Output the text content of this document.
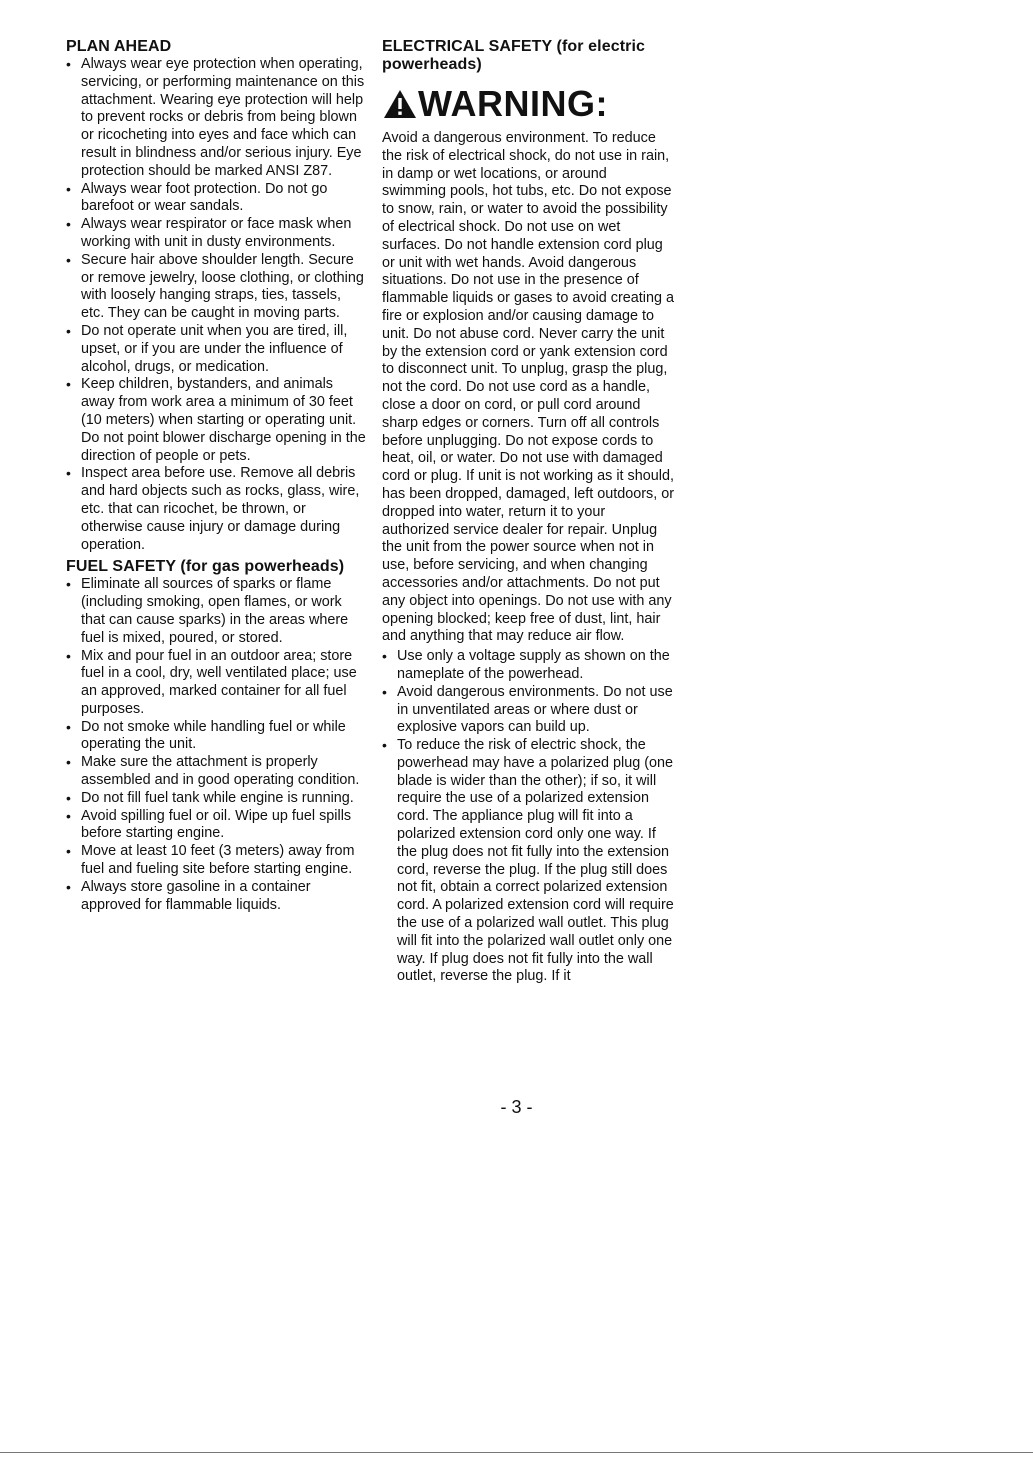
PLAN AHEAD
• Always wear eye protection when operating, servicing, or performing maintenance on this attachment. Wearing eye protection will help to prevent rocks or debris from being blown or ricocheting into eyes and face which can result in blindness and/or serious injury. Eye protection should be marked ANSI Z87.
• Always wear foot protection. Do not go barefoot or wear sandals.
• Always wear respirator or face mask when working with unit in dusty environments.
• Secure hair above shoulder length. Secure or remove jewelry, loose clothing, or clothing with loosely hanging straps, ties, tassels, etc. They can be caught in moving parts.
• Do not operate unit when you are tired, ill, upset, or if you are under the influence of alcohol, drugs, or medication.
• Keep children, bystanders, and animals away from work area a minimum of 30 feet (10 meters) when starting or operating unit. Do not point blower discharge opening in the direction of people or pets.
• Inspect area before use. Remove all debris and hard objects such as rocks, glass, wire, etc. that can ricochet, be thrown, or otherwise cause injury or damage during operation.
FUEL SAFETY (for gas powerheads)
• Eliminate all sources of sparks or flame (including smoking, open flames, or work that can cause sparks) in the areas where fuel is mixed, poured, or stored.
• Mix and pour fuel in an outdoor area; store fuel in a cool, dry, well ventilated place; use an approved, marked container for all fuel purposes.
• Do not smoke while handling fuel or while operating the unit.
• Make sure the attachment is properly assembled and in good operating condition.
• Do not fill fuel tank while engine is running.
• Avoid spilling fuel or oil. Wipe up fuel spills before starting engine.
• Move at least 10 feet (3 meters) away from fuel and fueling site before starting engine.
• Always store gasoline in a container approved for flammable liquids.
ELECTRICAL SAFETY (for electric
powerheads)
WARNING:

Avoid a dangerous environment. To reduce the risk of electrical shock, do not use in rain, in damp or wet locations, or around swimming pools, hot tubs, etc. Do not expose to snow, rain, or water to avoid the possibility of electrical shock. Do not use on wet surfaces. Do not handle extension cord plug or unit with wet hands. Avoid dangerous situations. Do not use in the presence of flammable liquids or gases to avoid creating a fire or explosion and/or causing damage to unit. Do not abuse cord. Never carry the unit by the extension cord or yank extension cord to disconnect unit. To unplug, grasp the plug, not the cord. Do not use cord as a handle, close a door on cord, or pull cord around sharp edges or corners. Turn off all controls before unplugging. Do not expose cords to heat, oil, or water. Do not use with damaged cord or plug. If unit is not working as it should, has been dropped, damaged, left outdoors, or dropped into water, return it to your authorized service dealer for repair. Unplug the unit from the power source when not in use, before servicing, and when changing accessories and/or attachments. Do not put any object into openings. Do not use with any opening blocked; keep free of dust, lint, hair and anything that may reduce air flow.

• Use only a voltage supply as shown on the nameplate of the powerhead.
• Avoid dangerous environments. Do not use in unventilated areas or where dust or explosive vapors can build up.
• To reduce the risk of electric shock, the powerhead may have a polarized plug (one blade is wider than the other); if so, it will require the use of a polarized extension cord. The appliance plug will fit into a polarized extension cord only one way. If the plug does not fit fully into the extension cord, reverse the plug. If the plug still does not fit, obtain a correct polarized extension cord. A polarized extension cord will require the use of a polarized wall outlet. This plug will fit into the polarized wall outlet only one way. If plug does not fit fully into the wall outlet, reverse the plug. If it
- 3 -
